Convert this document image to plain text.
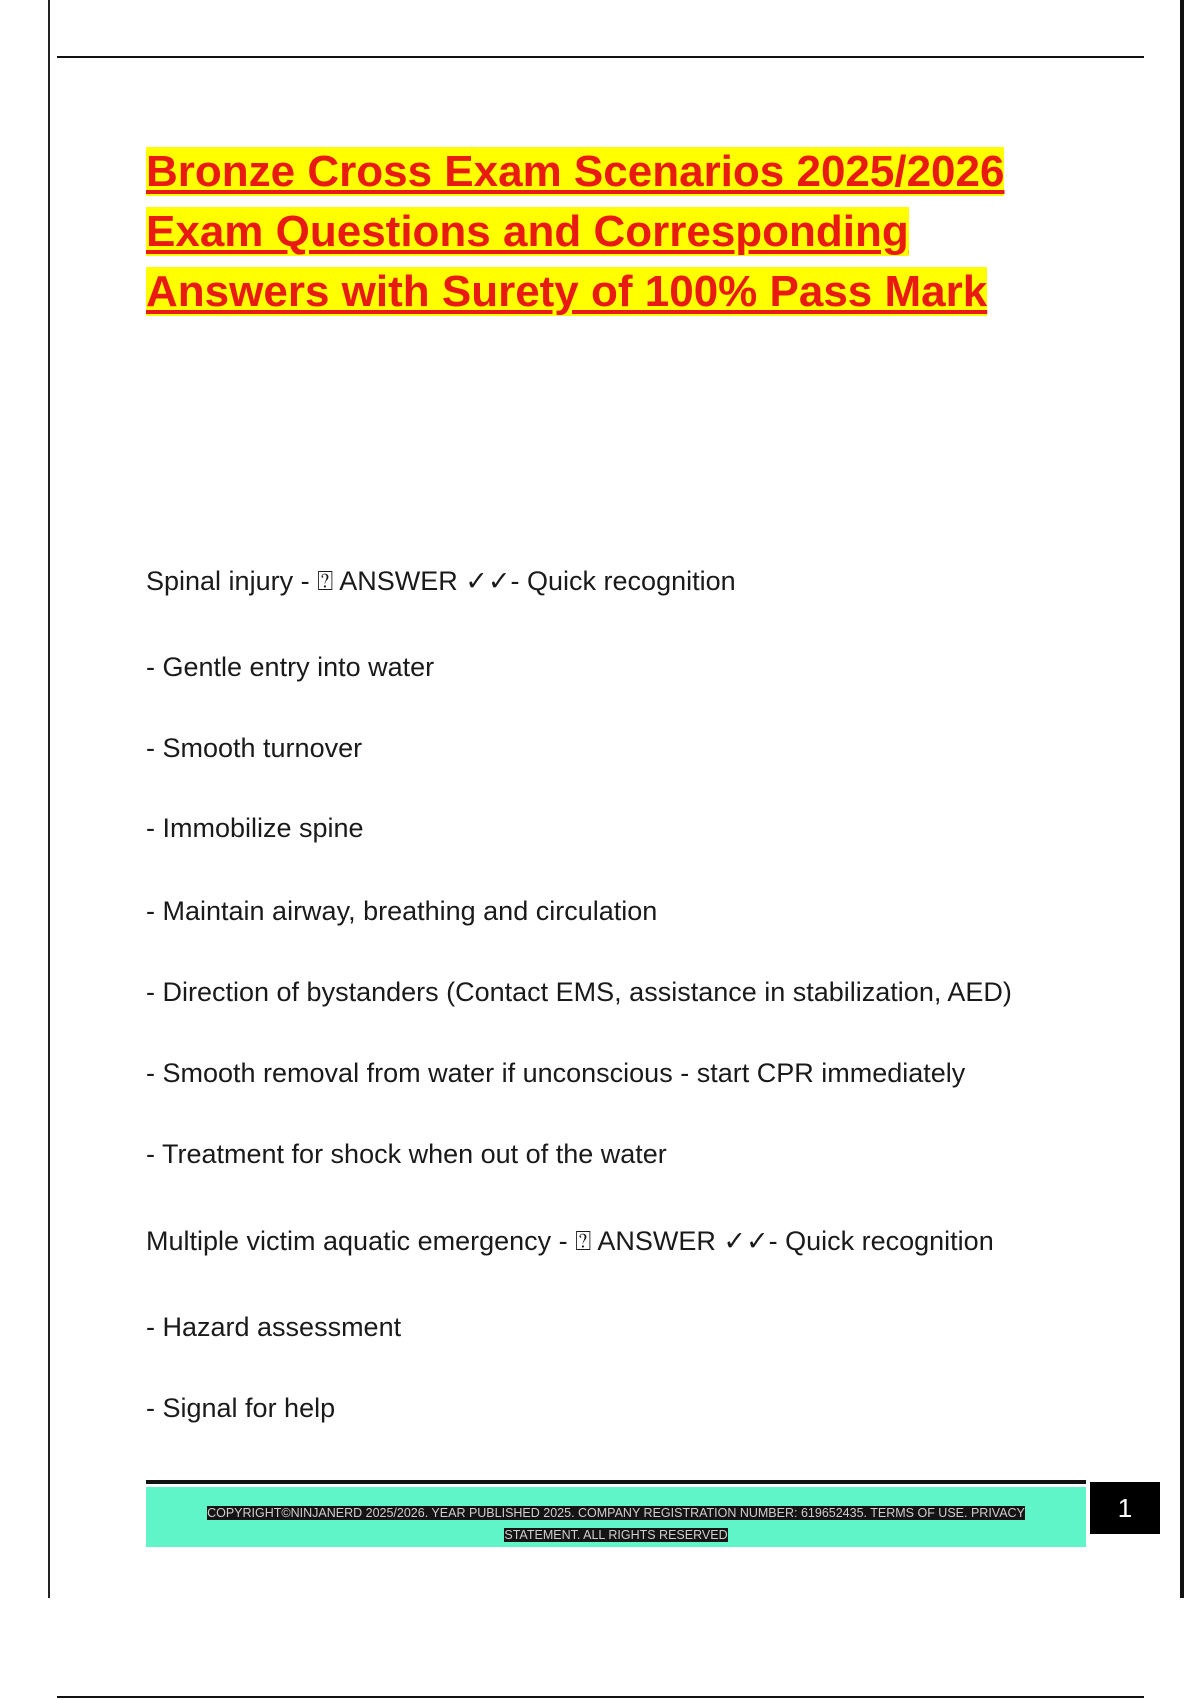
Bronze Cross Exam Scenarios 2025/2026 Exam Questions and Corresponding Answers with Surety of 100% Pass Mark

Spinal injury - ⍰ ANSWER ✓✓- Quick recognition

- Gentle entry into water

- Smooth turnover

- Immobilize spine

- Maintain airway, breathing and circulation

- Direction of bystanders (Contact EMS, assistance in stabilization, AED)

- Smooth removal from water if unconscious - start CPR immediately

- Treatment for shock when out of the water

Multiple victim aquatic emergency - ⍰ ANSWER ✓✓- Quick recognition

- Hazard assessment

- Signal for help

COPYRIGHT©NINJANERD 2025/2026. YEAR PUBLISHED 2025. COMPANY REGISTRATION NUMBER: 619652435. TERMS OF USE. PRIVACY STATEMENT. ALL RIGHTS RESERVED

1
